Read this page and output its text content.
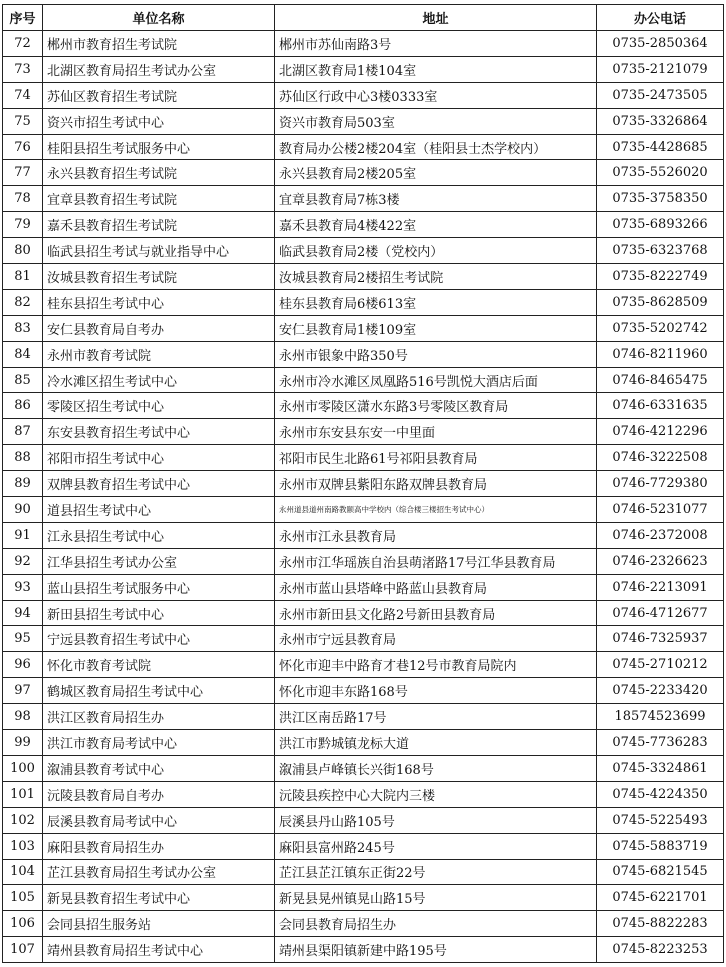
序号	单位名称	地址	办公电话
72	郴州市教育招生考试院	郴州市苏仙南路3号	0735-2850364
73	北湖区教育局招生考试办公室	北湖区教育局1楼104室	0735-2121079
74	苏仙区教育招生考试院	苏仙区行政中心3楼0333室	0735-2473505
75	资兴市招生考试中心	资兴市教育局503室	0735-3326864
76	桂阳县招生考试服务中心	教育局办公楼2楼204室（桂阳县士杰学校内）	0735-4428685
77	永兴县教育招生考试院	永兴县教育局2楼205室	0735-5526020
78	宜章县教育招生考试院	宜章县教育局7栋3楼	0735-3758350
79	嘉禾县教育招生考试院	嘉禾县教育局4楼422室	0735-6893266
80	临武县招生考试与就业指导中心	临武县教育局2楼（党校内）	0735-6323768
81	汝城县教育招生考试院	汝城县教育局2楼招生考试院	0735-8222749
82	桂东县招生考试中心	桂东县教育局6楼613室	0735-8628509
83	安仁县教育局自考办	安仁县教育局1楼109室	0735-5202742
84	永州市教育考试院	永州市银象中路350号	0746-8211960
85	冷水滩区招生考试中心	永州市冷水滩区凤凰路516号凯悦大酒店后面	0746-8465475
86	零陵区招生考试中心	永州市零陵区潇水东路3号零陵区教育局	0746-6331635
87	东安县教育招生考试中心	永州市东安县东安一中里面	0746-4212296
88	祁阳市招生考试中心	祁阳市民生北路61号祁阳县教育局	0746-3222508
89	双牌县教育招生考试中心	永州市双牌县紫阳东路双牌县教育局	0746-7729380
90	道县招生考试中心	永州道县道州南路教颐高中学校内（综合楼三楼招生考试中心）	0746-5231077
91	江永县招生考试中心	永州市江永县教育局	0746-2372008
92	江华县招生考试办公室	永州市江华瑶族自治县萌渚路17号江华县教育局	0746-2326623
93	蓝山县招生考试服务中心	永州市蓝山县塔峰中路蓝山县教育局	0746-2213091
94	新田县招生考试中心	永州市新田县文化路2号新田县教育局	0746-4712677
95	宁远县教育招生考试中心	永州市宁远县教育局	0746-7325937
96	怀化市教育考试院	怀化市迎丰中路育才巷12号市教育局院内	0745-2710212
97	鹤城区教育局招生考试中心	怀化市迎丰东路168号	0745-2233420
98	洪江区教育局招生办	洪江区南岳路17号	18574523699
99	洪江市教育局考试中心	洪江市黔城镇龙标大道	0745-7736283
100	溆浦县教育考试中心	溆浦县卢峰镇长兴街168号	0745-3324861
101	沅陵县教育局自考办	沅陵县疾控中心大院内三楼	0745-4224350
102	辰溪县教育局考试中心	辰溪县丹山路105号	0745-5225493
103	麻阳县教育局招生办	麻阳县富州路245号	0745-5883719
104	芷江县教育局招生考试办公室	芷江县芷江镇东正街22号	0745-6821545
105	新晃县教育招生考试中心	新晃县晃州镇晃山路15号	0745-6221701
106	会同县招生服务站	会同县教育局招生办	0745-8822283
107	靖州县教育局招生考试中心	靖州县渠阳镇新建中路195号	0745-8223253
